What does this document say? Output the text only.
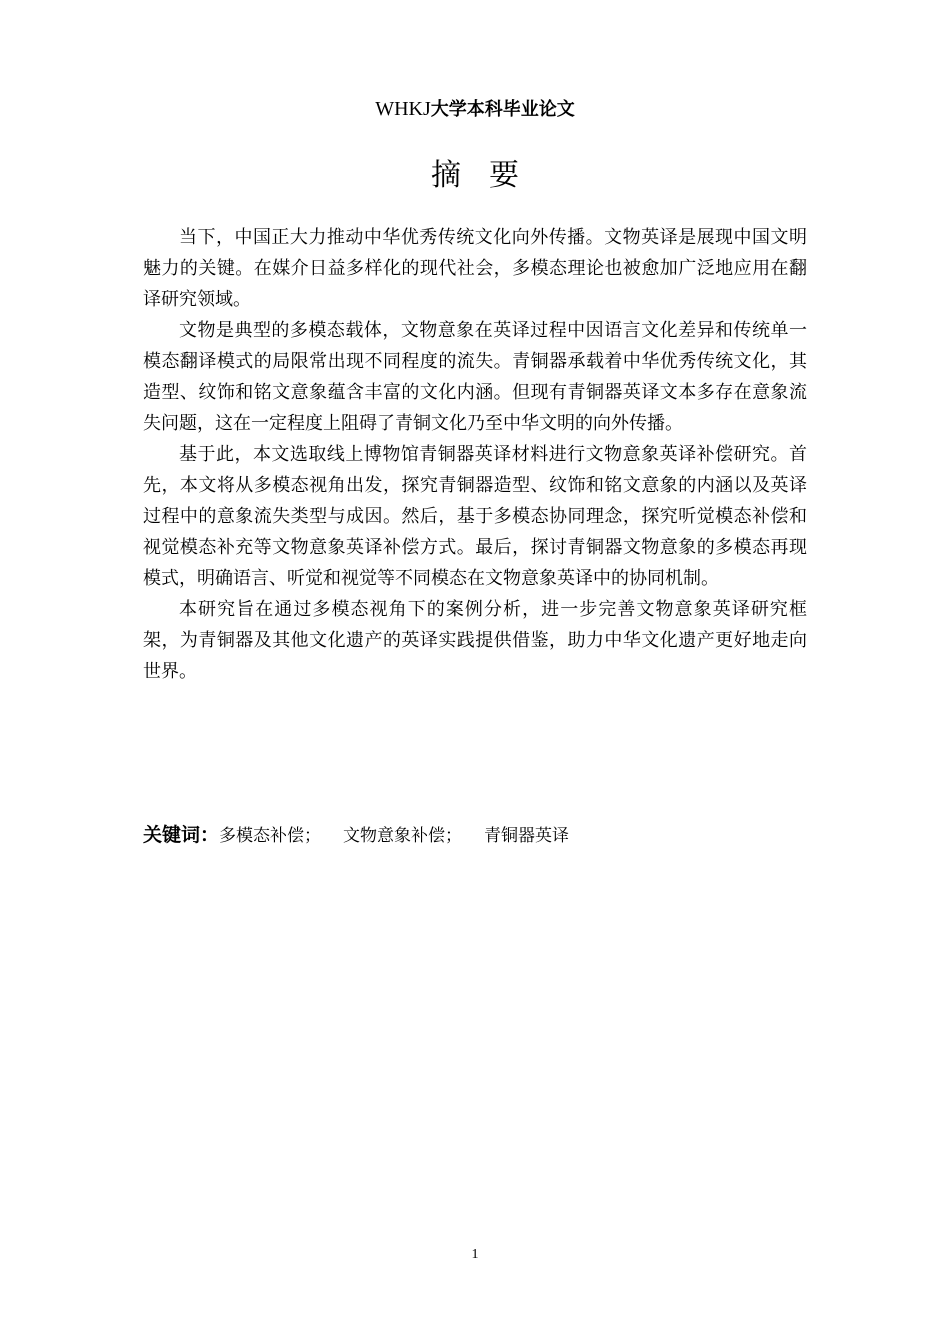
WHKJ大学本科毕业论文
摘要

当下，中国正大力推动中华优秀传统文化向外传播。文物英译是展现中国文明魅力的关键。在媒介日益多样化的现代社会，多模态理论也被愈加广泛地应用在翻译研究领域。

文物是典型的多模态载体，文物意象在英译过程中因语言文化差异和传统单一模态翻译模式的局限常出现不同程度的流失。青铜器承载着中华优秀传统文化，其造型、纹饰和铭文意象蕴含丰富的文化内涵。但现有青铜器英译文本多存在意象流失问题，这在一定程度上阻碍了青铜文化乃至中华文明的向外传播。

基于此，本文选取线上博物馆青铜器英译材料进行文物意象英译补偿研究。首先，本文将从多模态视角出发，探究青铜器造型、纹饰和铭文意象的内涵以及英译过程中的意象流失类型与成因。然后，基于多模态协同理念，探究听觉模态补偿和视觉模态补充等文物意象英译补偿方式。最后，探讨青铜器文物意象的多模态再现模式，明确语言、听觉和视觉等不同模态在文物意象英译中的协同机制。

本研究旨在通过多模态视角下的案例分析，进一步完善文物意象英译研究框架，为青铜器及其他文化遗产的英译实践提供借鉴，助力中华文化遗产更好地走向世界。

关键词：多模态补偿； 文物意象补偿； 青铜器英译
1
